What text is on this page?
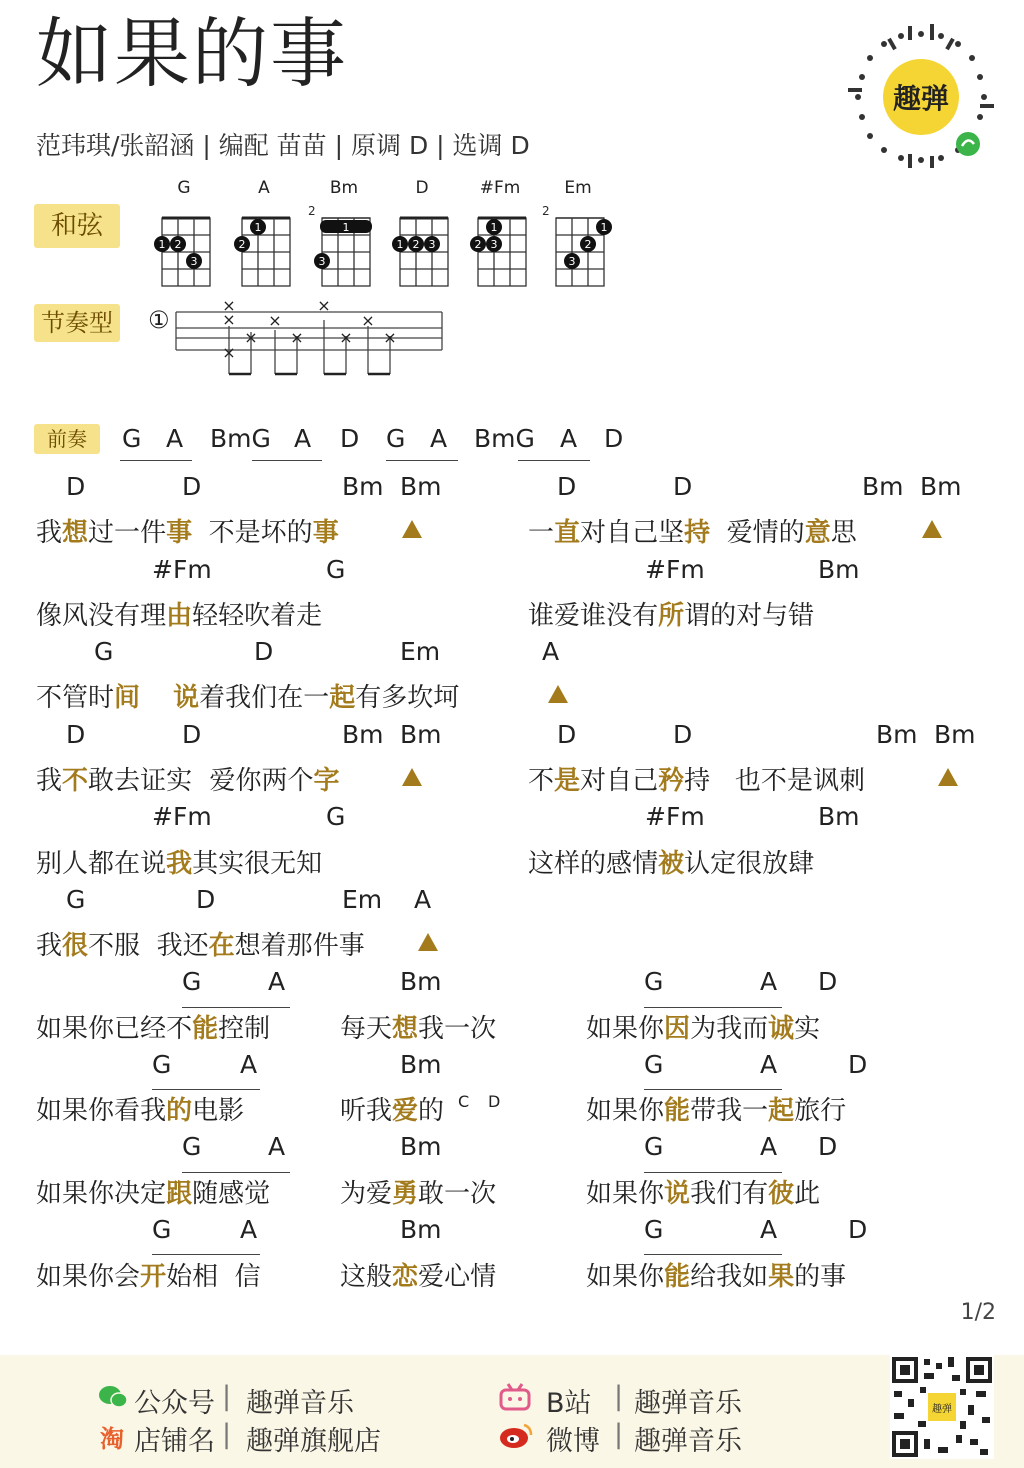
如果的事
范玮琪/张韶涵 | 编配 苗苗 | 原调 D | 选调 D
趣弹
和弦
节奏型
前奏
G
1 2
3
A
1
2
Bm
1
3
2
D
1 2 3
#Fm
1
2 3
Em
1
2
3
2
①
×
×
×
×
×
×
×
×
×
×
G A BmG A D G A BmG A D
D	D	Bm Bm	D	D	Bm Bm
我想过一件事 不是坏的事	一直对自己坚持 爱情的意思
#Fm	G	#Fm	Bm
像风没有理由轻轻吹着走	谁爱谁没有所谓的对与错
G	D	Em	A
不管时间 说着我们在一起有多坎坷
D	D	Bm Bm	D	D	Bm Bm
我不敢去证实 爱你两个字	不是对自己矜持 也不是讽刺
#Fm	G	#Fm	Bm
别人都在说我其实很无知	这样的感情被认定很放肆
G	D	Em A
我很不服 我还在想着那件事
G	A	Bm	G	A D
如果你已经不能控制	每天想我一次	如果你因为我而诚实
G	A	Bm	G	A	D
如果你看我的电影	听我爱的	如果你能带我一起旅行
G	A	Bm	G	A D
如果你决定跟随感觉	为爱勇敢一次	如果你说我们有彼此
G	A	Bm	G	A	D
如果你会开始相 信	这般恋爱心情	如果你能给我如果的事
C D
1/2
公众号 | 趣弹音乐
淘 店铺名 | 趣弹旗舰店
B站 | 趣弹音乐
微博 | 趣弹音乐
趣弹
